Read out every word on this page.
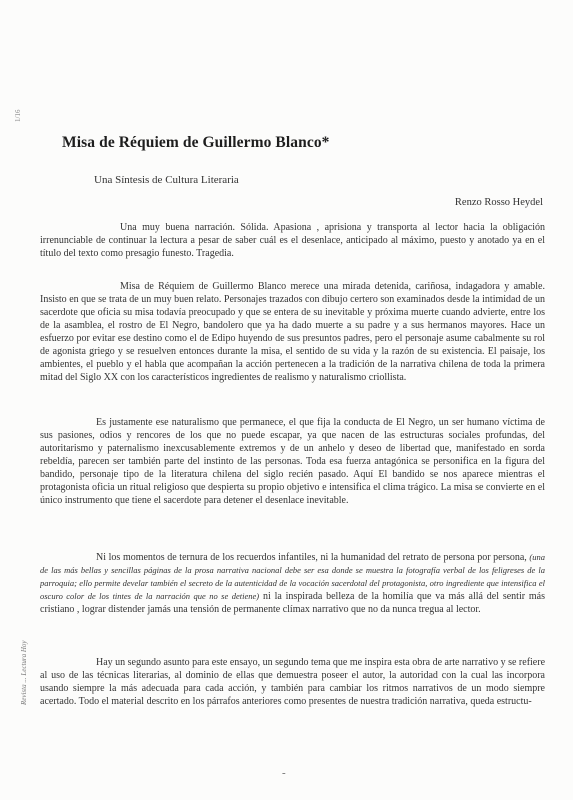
1/16
Revista ... Lectura Hoy
Misa de Réquiem de Guillermo Blanco*
Una Síntesis de Cultura Literaria
Renzo Rosso Heydel
Una muy buena narración. Sólida. Apasiona , aprisiona y transporta al lector hacia la obligación irrenunciable de continuar la lectura a pesar de saber cuál es el desenlace, anticipado al máximo, puesto y anotado ya en el título del texto como presagio funesto. Tragedia.
Misa de Réquiem de Guillermo Blanco merece una mirada detenida, cariñosa, indagadora y amable. Insisto en que se trata de un muy buen relato. Personajes trazados con dibujo certero son examinados desde la intimidad de un sacerdote que oficia su misa todavía preocupado y que se entera de su inevitable y próxima muerte cuando advierte, entre los de la asamblea, el rostro de El Negro, bandolero que ya ha dado muerte a su padre y a sus hermanos mayores. Hace un esfuerzo por evitar ese destino como el de Edipo huyendo de sus presuntos padres, pero el personaje asume cabalmente su rol de agonista griego y se resuelven entonces durante la misa, el sentido de su vida y la razón de su existencia. El paisaje, los ambientes, el pueblo y el habla que acompañan la acción pertenecen a la tradición de la narrativa chilena de toda la primera mitad del Siglo XX con los característicos ingredientes de realismo y naturalismo criollista.
Es justamente ese naturalismo que permanece, el que fija la conducta de El Negro, un ser humano víctima de sus pasiones, odios y rencores de los que no puede escapar, ya que nacen de las estructuras sociales profundas, del autoritarismo y paternalismo inexcusablemente extremos y de un anhelo y deseo de libertad que, manifestado en sorda rebeldía, parecen ser también parte del instinto de las personas. Toda esa fuerza antagónica se personifica en la figura del bandido, personaje tipo de la literatura chilena del siglo recién pasado. Aquí El bandido se nos aparece mientras el protagonista oficia un ritual religioso que despierta su propio objetivo e intensifica el clima trágico. La misa se convierte en el único instrumento que tiene el sacerdote para detener el desenlace inevitable.
Ni los momentos de ternura de los recuerdos infantiles, ni la humanidad del retrato de persona por persona, (una de las más bellas y sencillas páginas de la prosa narrativa nacional debe ser esa donde se muestra la fotografía verbal de los feligreses de la parroquia; ello permite develar también el secreto de la autenticidad de la vocación sacerdotal del protagonista, otro ingrediente que intensifica el oscuro color de los tintes de la narración que no se detiene) ni la inspirada belleza de la homilía que va más allá del sentir más cristiano , lograr distender jamás una tensión de permanente clímax narrativo que no da nunca tregua al lector.
Hay un segundo asunto para este ensayo, un segundo tema que me inspira esta obra de arte narrativo y se refiere al uso de las técnicas literarias, al dominio de ellas que demuestra poseer el autor, la autoridad con la cual las incorpora usando siempre la más adecuada para cada acción, y también para cambiar los ritmos narrativos de un modo siempre acertado. Todo el material descrito en los párrafos anteriores como presentes de nuestra tradición narrativa, queda estructu-
-
